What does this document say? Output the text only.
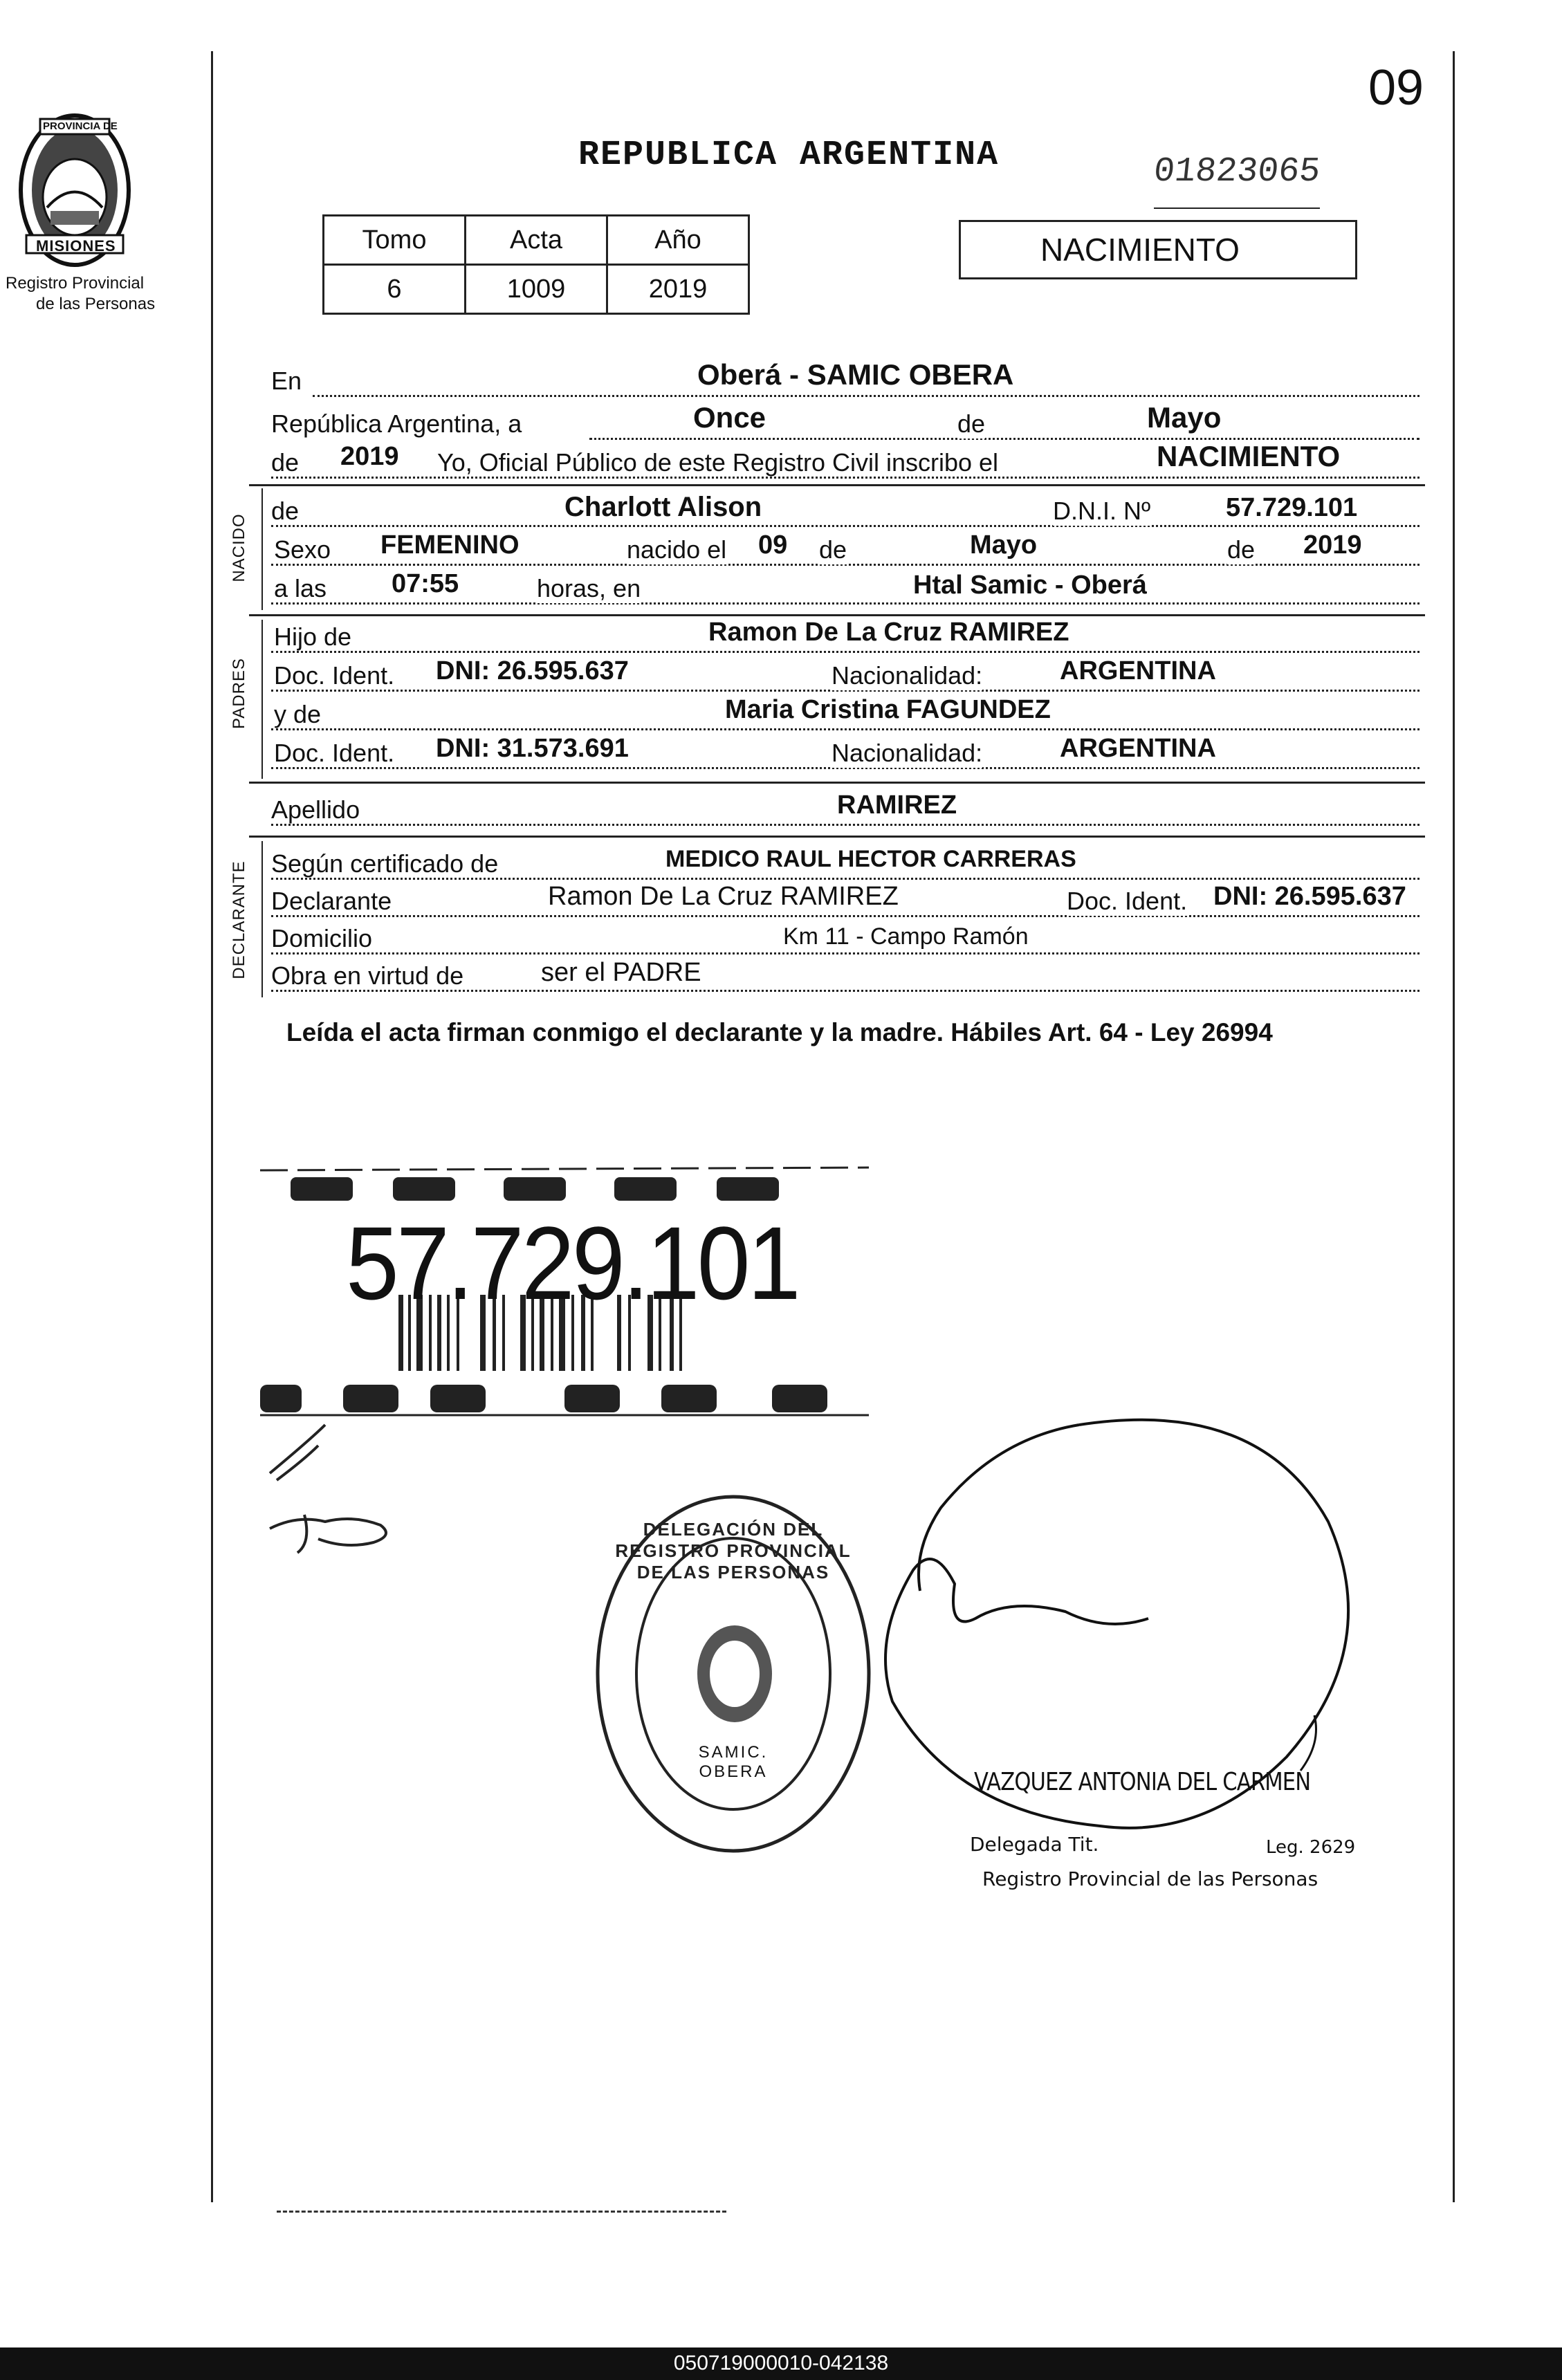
09
PROVINCIA DE
MISIONES
Registro Provincial
de las Personas
REPUBLICA ARGENTINA	01823065
NACIMIENTO
Tomo	Acta	Año
6	1009	2019
En	Oberá - SAMIC OBERA
República Argentina, a	Once	de	Mayo
de 2019 Yo, Oficial Público de este Registro Civil inscribo el	NACIMIENTO
NACIDO
PADRES
DECLARANTE
de	Charlott Alison	D.N.I. Nº	57.729.101
Sexo FEMENINO	nacido el 09 de	Mayo	de 2019
a las 07:55	horas, en	Htal Samic - Oberá
Hijo de	Ramon De La Cruz RAMIREZ
Doc. Ident. DNI: 26.595.637	Nacionalidad:	ARGENTINA
y de	Maria Cristina FAGUNDEZ
Doc. Ident. DNI: 31.573.691	Nacionalidad:	ARGENTINA
Apellido	RAMIREZ
Según certificado de	MEDICO RAUL HECTOR CARRERAS
Declarante	Ramon De La Cruz RAMIREZ	Doc. Ident. DNI: 26.595.637
Domicilio	Km 11 - Campo Ramón
Obra en virtud de	ser el PADRE
Leída el acta firman conmigo el declarante y la madre. Hábiles Art. 64 - Ley 26994
57.729.101
DELEGACIÓN DEL REGISTRO PROVINCIAL DE LAS PERSONAS
SAMIC. OBERA	VAZQUEZ ANTONIA DEL CARMEN
Delegada Tit.	Leg. 2629
Registro Provincial de las Personas
050719000010-042138
